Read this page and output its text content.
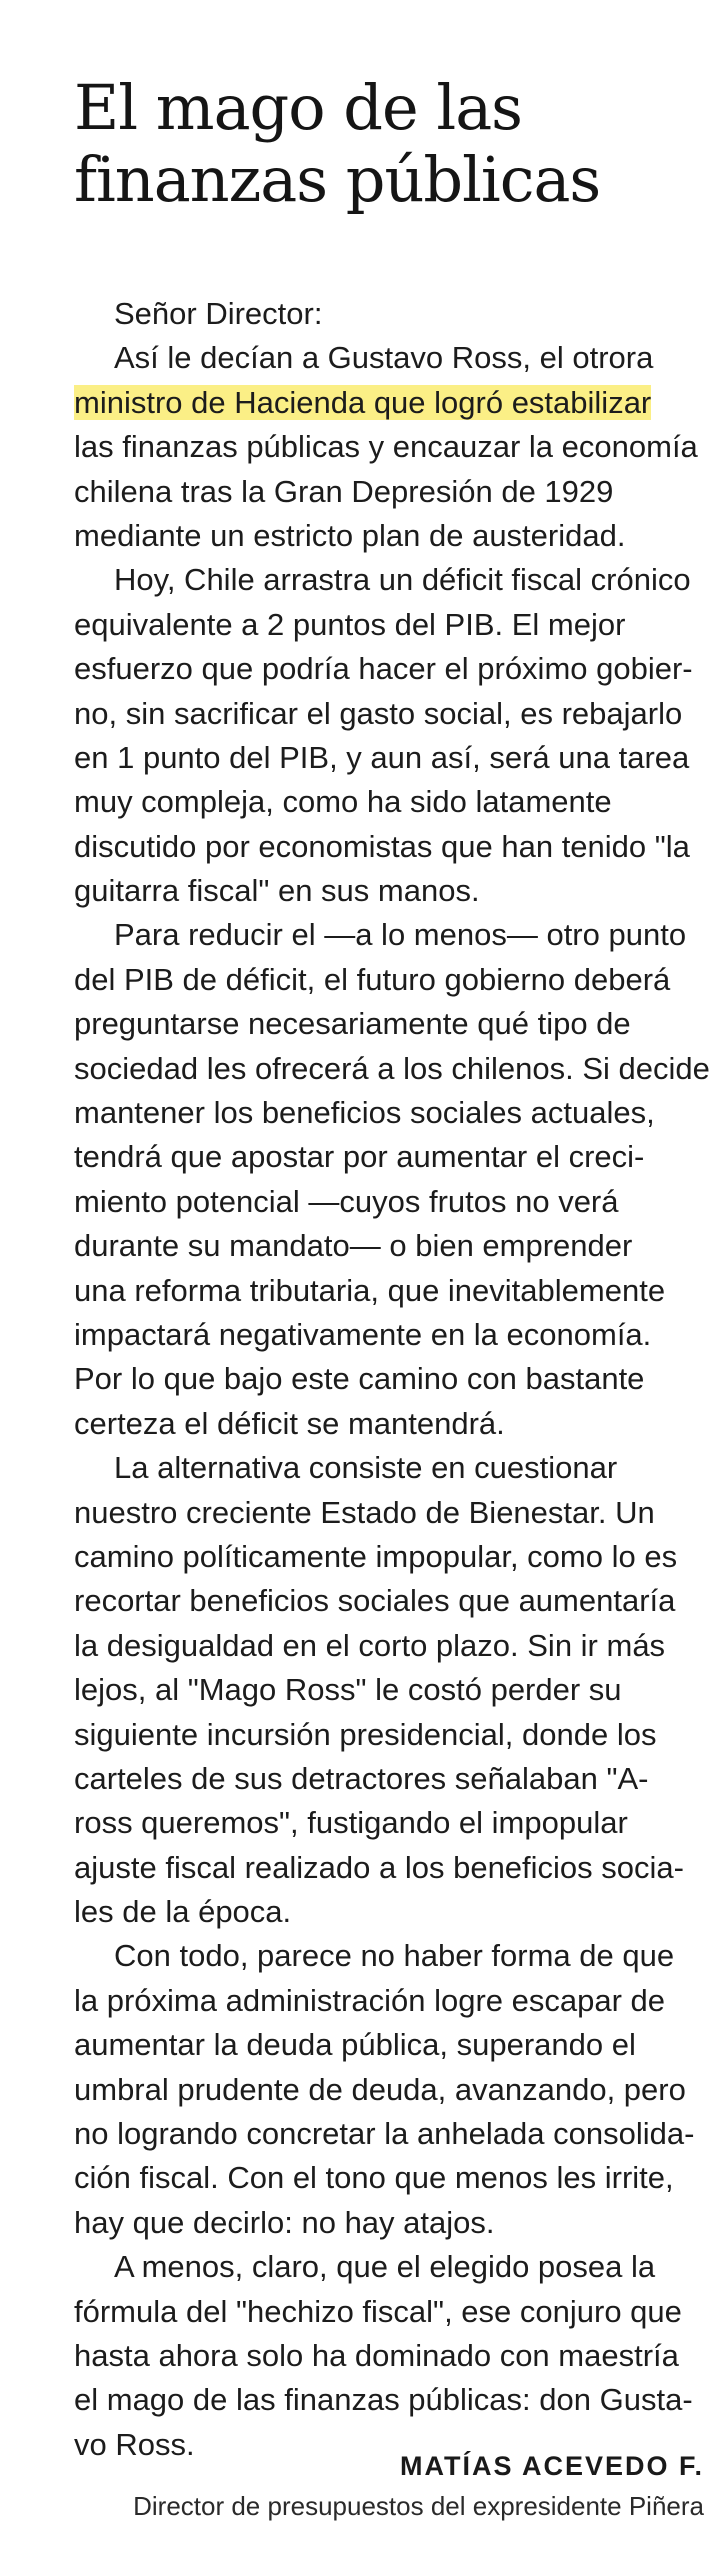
El mago de las
finanzas públicas
Señor Director:
Así le decían a Gustavo Ross, el otrora
ministro de Hacienda que logró estabilizar
las finanzas públicas y encauzar la economía
chilena tras la Gran Depresión de 1929
mediante un estricto plan de austeridad.
Hoy, Chile arrastra un déficit fiscal crónico
equivalente a 2 puntos del PIB. El mejor
esfuerzo que podría hacer el próximo gobier-
no, sin sacrificar el gasto social, es rebajarlo
en 1 punto del PIB, y aun así, será una tarea
muy compleja, como ha sido latamente
discutido por economistas que han tenido "la
guitarra fiscal" en sus manos.
Para reducir el —a lo menos— otro punto
del PIB de déficit, el futuro gobierno deberá
preguntarse necesariamente qué tipo de
sociedad les ofrecerá a los chilenos. Si decide
mantener los beneficios sociales actuales,
tendrá que apostar por aumentar el creci-
miento potencial —cuyos frutos no verá
durante su mandato— o bien emprender
una reforma tributaria, que inevitablemente
impactará negativamente en la economía.
Por lo que bajo este camino con bastante
certeza el déficit se mantendrá.
La alternativa consiste en cuestionar
nuestro creciente Estado de Bienestar. Un
camino políticamente impopular, como lo es
recortar beneficios sociales que aumentaría
la desigualdad en el corto plazo. Sin ir más
lejos, al "Mago Ross" le costó perder su
siguiente incursión presidencial, donde los
carteles de sus detractores señalaban "A-
ross queremos", fustigando el impopular
ajuste fiscal realizado a los beneficios socia-
les de la época.
Con todo, parece no haber forma de que
la próxima administración logre escapar de
aumentar la deuda pública, superando el
umbral prudente de deuda, avanzando, pero
no logrando concretar la anhelada consolida-
ción fiscal. Con el tono que menos les irrite,
hay que decirlo: no hay atajos.
A menos, claro, que el elegido posea la
fórmula del "hechizo fiscal", ese conjuro que
hasta ahora solo ha dominado con maestría
el mago de las finanzas públicas: don Gusta-
vo Ross.
MATÍAS ACEVEDO F.
Director de presupuestos del expresidente Piñera
